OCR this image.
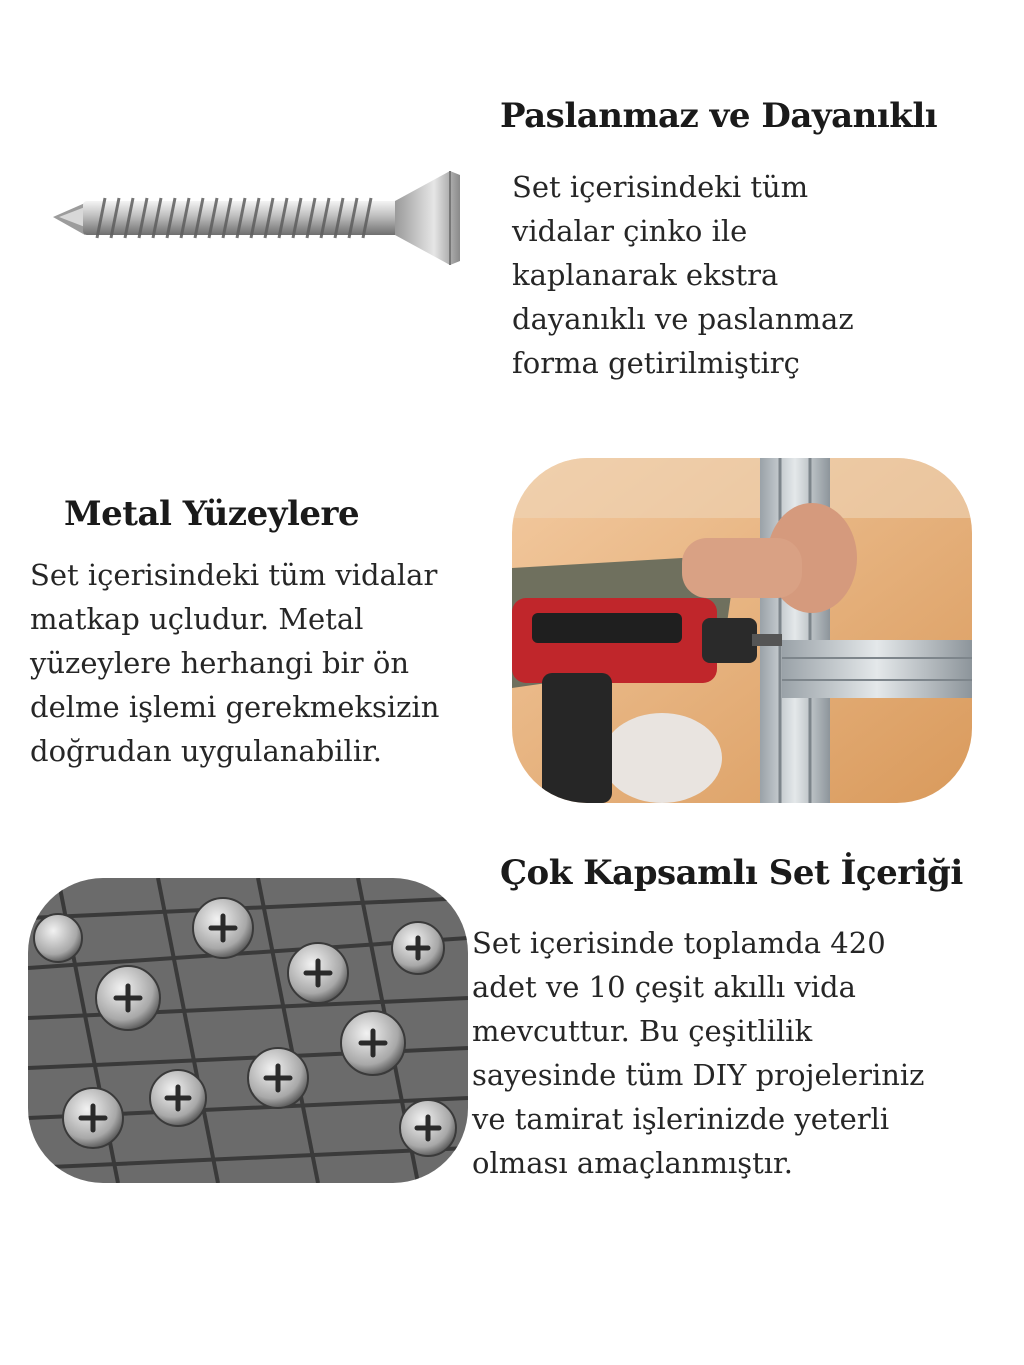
Paslanmaz ve Dayanıklı
Set içerisindeki tüm
vidalar çinko ile
kaplanarak ekstra
dayanıklı ve paslanmaz
forma getirilmiştirç
Metal Yüzeylere
Set içerisindeki tüm vidalar
matkap uçludur. Metal
yüzeylere herhangi bir ön
delme işlemi gerekmeksizin
doğrudan uygulanabilir.
Çok Kapsamlı Set İçeriği
Set içerisinde toplamda 420
adet ve 10 çeşit akıllı vida
mevcuttur. Bu çeşitlilik
sayesinde tüm DIY projeleriniz
ve tamirat işlerinizde yeterli
olması amaçlanmıştır.
